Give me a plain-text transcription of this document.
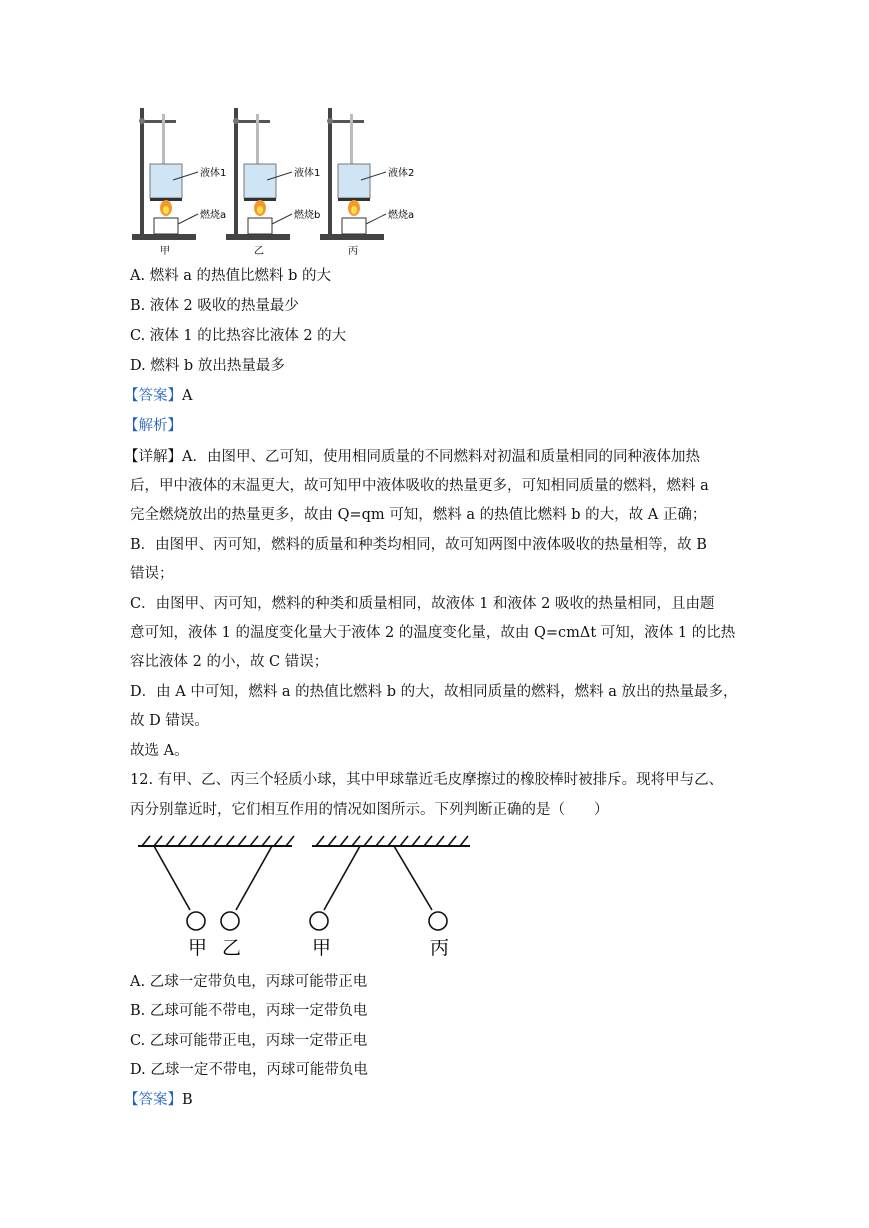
液体1
燃烧a
甲
液体1
燃烧b
乙
液体2
燃烧a
丙
A. 燃料 a 的热值比燃料 b 的大
B. 液体 2 吸收的热量最少
C. 液体 1 的比热容比液体 2 的大
D. 燃料 b 放出热量最多
【答案】A
【解析】
【详解】A．由图甲、乙可知，使用相同质量的不同燃料对初温和质量相同的同种液体加热
后，甲中液体的末温更大，故可知甲中液体吸收的热量更多，可知相同质量的燃料，燃料 a
完全燃烧放出的热量更多，故由 Q=qm 可知，燃料 a 的热值比燃料 b 的大，故 A 正确；
B．由图甲、丙可知，燃料的质量和种类均相同，故可知两图中液体吸收的热量相等，故 B
错误；
C．由图甲、丙可知，燃料的种类和质量相同，故液体 1 和液体 2 吸收的热量相同，且由题
意可知，液体 1 的温度变化量大于液体 2 的温度变化量，故由 Q=cmΔt 可知，液体 1 的比热
容比液体 2 的小，故 C 错误；
D．由 A 中可知，燃料 a 的热值比燃料 b 的大，故相同质量的燃料，燃料 a 放出的热量最多，
故 D 错误。
故选 A。
12. 有甲、乙、丙三个轻质小球，其中甲球靠近毛皮摩擦过的橡胶棒时被排斥。现将甲与乙、
丙分别靠近时，它们相互作用的情况如图所示。下列判断正确的是（　　）
甲 乙	甲	丙
A. 乙球一定带负电，丙球可能带正电
B. 乙球可能不带电，丙球一定带负电
C. 乙球可能带正电，丙球一定带正电
D. 乙球一定不带电，丙球可能带负电
【答案】B
